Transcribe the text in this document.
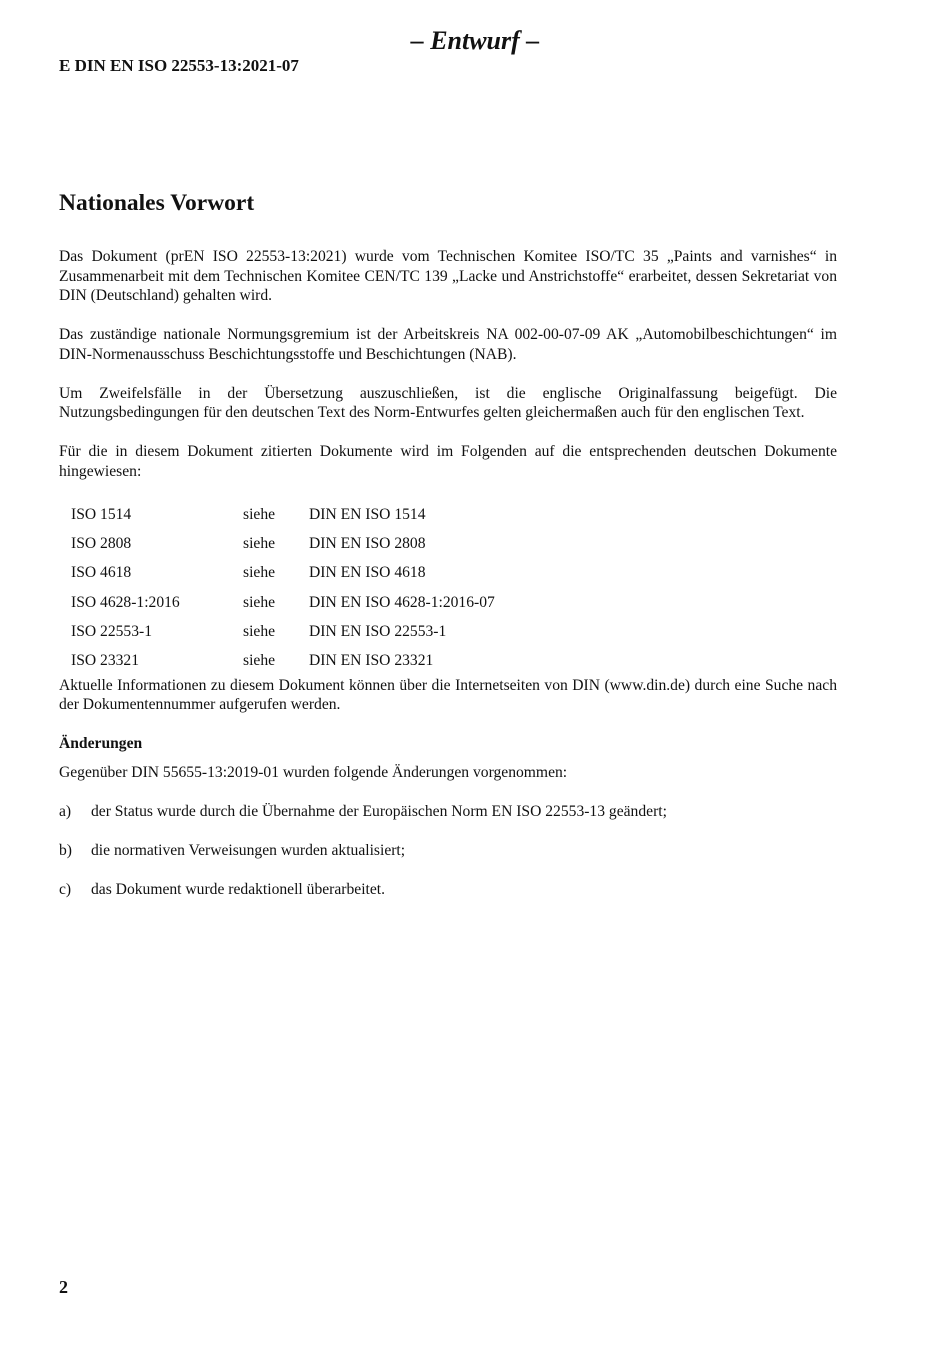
– Entwurf –
E DIN EN ISO 22553-13:2021-07
Nationales Vorwort

Das Dokument (prEN ISO 22553-13:2021) wurde vom Technischen Komitee ISO/TC 35 „Paints and varnishes“ in Zusammenarbeit mit dem Technischen Komitee CEN/TC 139 „Lacke und Anstrichstoffe“ erarbeitet, dessen Sekretariat von DIN (Deutschland) gehalten wird.

Das zuständige nationale Normungsgremium ist der Arbeitskreis NA 002-00-07-09 AK „Automobilbeschichtungen“ im DIN-Normenausschuss Beschichtungsstoffe und Beschichtungen (NAB).

Um Zweifelsfälle in der Übersetzung auszuschließen, ist die englische Originalfassung beigefügt. Die Nutzungsbedingungen für den deutschen Text des Norm-Entwurfes gelten gleichermaßen auch für den englischen Text.

Für die in diesem Dokument zitierten Dokumente wird im Folgenden auf die entsprechenden deutschen Dokumente hingewiesen:

ISO 1514	siehe	DIN EN ISO 1514
ISO 2808	siehe	DIN EN ISO 2808
ISO 4618	siehe	DIN EN ISO 4618
ISO 4628-1:2016	siehe	DIN EN ISO 4628-1:2016-07
ISO 22553-1	siehe	DIN EN ISO 22553-1
ISO 23321	siehe	DIN EN ISO 23321

Aktuelle Informationen zu diesem Dokument können über die Internetseiten von DIN (www.din.de) durch eine Suche nach der Dokumentennummer aufgerufen werden.

Änderungen
Gegenüber DIN 55655-13:2019-01 wurden folgende Änderungen vorgenommen:
a)	der Status wurde durch die Übernahme der Europäischen Norm EN ISO 22553-13 geändert;
b)	die normativen Verweisungen wurden aktualisiert;
c)	das Dokument wurde redaktionell überarbeitet.
2
